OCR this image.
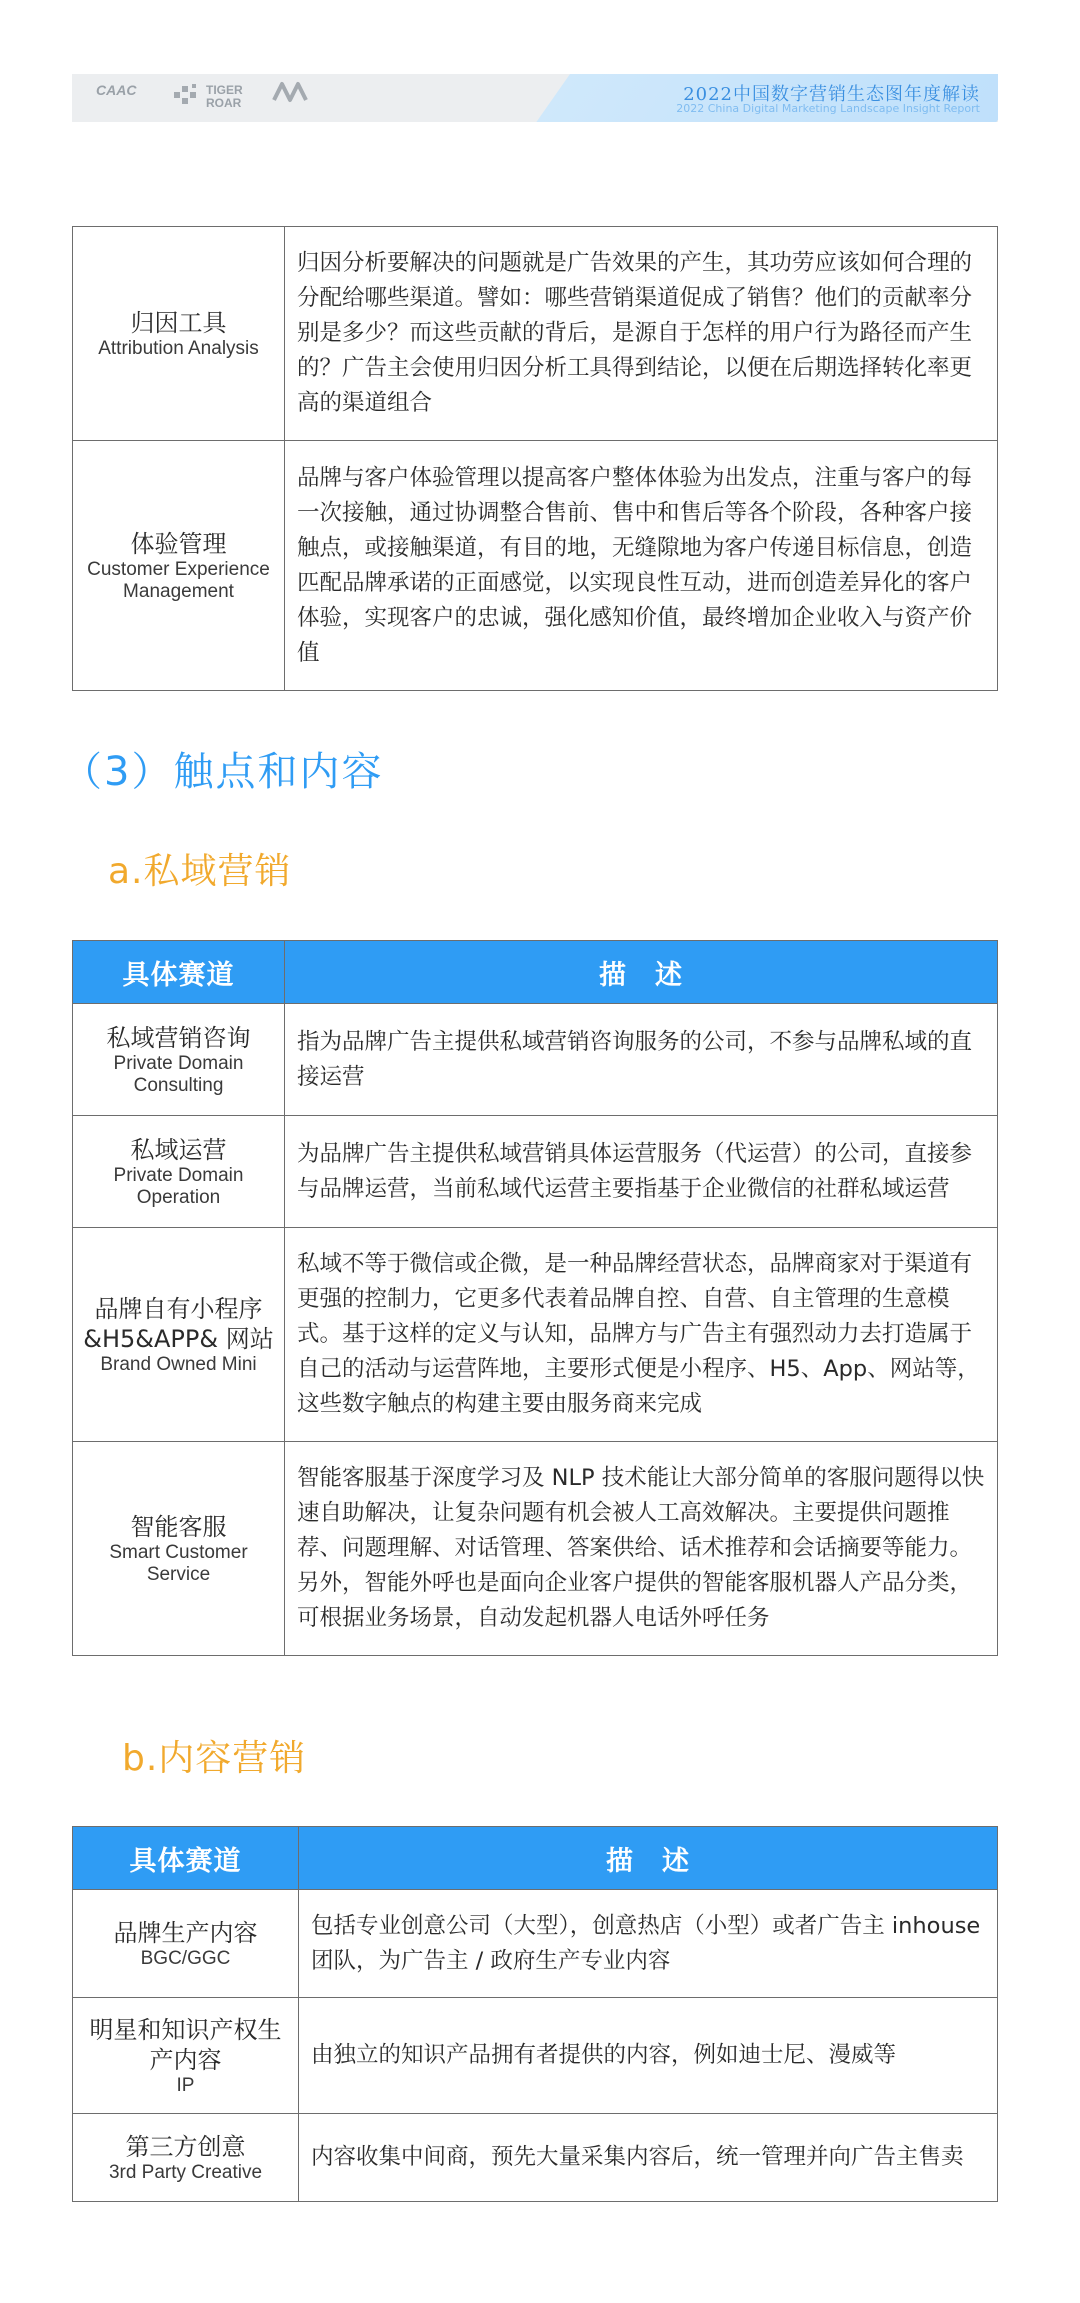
CAAC	TIGER
ROAR	2022中国数字营销生态图年度解读
2022 China Digital Marketing Landscape Insight Report
归因工具
Attribution Analysis	归因分析要解决的问题就是广告效果的产生，其功劳应该如何合理的分配给哪些渠道。譬如：哪些营销渠道促成了销售？他们的贡献率分别是多少？而这些贡献的背后，是源自于怎样的用户行为路径而产生的？广告主会使用归因分析工具得到结论，以便在后期选择转化率更高的渠道组合

体验管理
Customer Experience Management	品牌与客户体验管理以提高客户整体体验为出发点，注重与客户的每一次接触，通过协调整合售前、售中和售后等各个阶段，各种客户接触点，或接触渠道，有目的地，无缝隙地为客户传递目标信息，创造匹配品牌承诺的正面感觉，以实现良性互动，进而创造差异化的客户体验，实现客户的忠诚，强化感知价值，最终增加企业收入与资产价值
（3）触点和内容
a.私域营销
具体赛道	描　述

私域营销咨询
Private Domain Consulting	指为品牌广告主提供私域营销咨询服务的公司，不参与品牌私域的直接运营

私域运营
Private Domain Operation	为品牌广告主提供私域营销具体运营服务（代运营）的公司，直接参与品牌运营，当前私域代运营主要指基于企业微信的社群私域运营

品牌自有小程序&H5&APP& 网站
Brand Owned Mini	私域不等于微信或企微，是一种品牌经营状态，品牌商家对于渠道有更强的控制力，它更多代表着品牌自控、自营、自主管理的生意模式。基于这样的定义与认知，品牌方与广告主有强烈动力去打造属于自己的活动与运营阵地，主要形式便是小程序、H5、App、网站等，这些数字触点的构建主要由服务商来完成

智能客服
Smart Customer Service	智能客服基于深度学习及 NLP 技术能让大部分简单的客服问题得以快速自助解决，让复杂问题有机会被人工高效解决。主要提供问题推荐、问题理解、对话管理、答案供给、话术推荐和会话摘要等能力。另外，智能外呼也是面向企业客户提供的智能客服机器人产品分类，可根据业务场景，自动发起机器人电话外呼任务
b.内容营销
具体赛道	描　述

品牌生产内容
BGC/GGC	包括专业创意公司（大型），创意热店（小型）或者广告主 inhouse 团队，为广告主 / 政府生产专业内容

明星和知识产权生产内容
IP	由独立的知识产品拥有者提供的内容，例如迪士尼、漫威等

第三方创意
3rd Party Creative	内容收集中间商，预先大量采集内容后，统一管理并向广告主售卖
